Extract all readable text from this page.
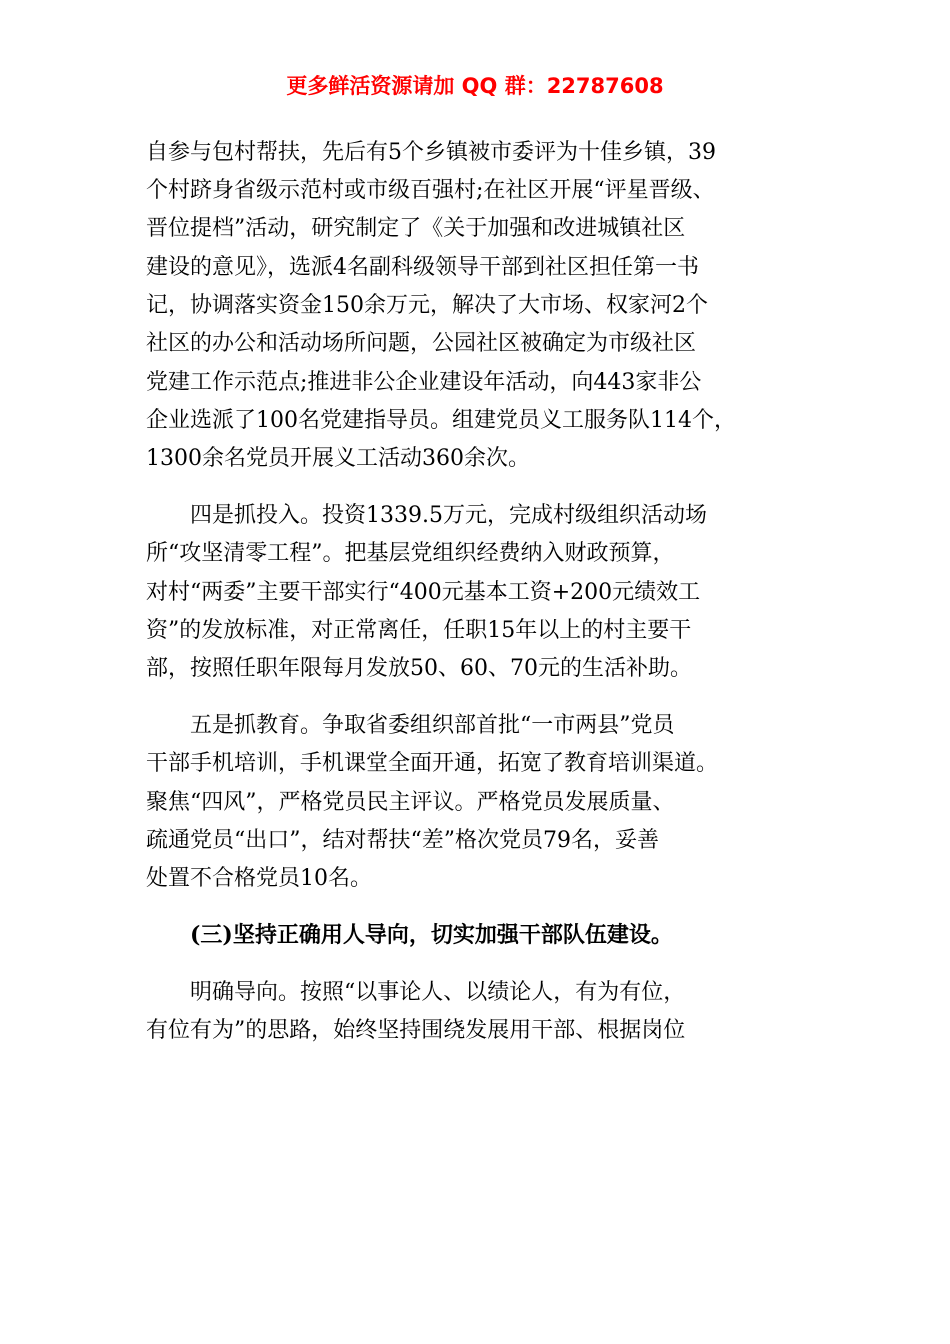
更多鲜活资源请加 QQ 群：22787608
自参与包村帮扶，先后有5个乡镇被市委评为十佳乡镇，39
个村跻身省级示范村或市级百强村;在社区开展“评星晋级、
晋位提档”活动，研究制定了《关于加强和改进城镇社区
建设的意见》，选派4名副科级领导干部到社区担任第一书
记，协调落实资金150余万元，解决了大市场、权家河2个
社区的办公和活动场所问题，公园社区被确定为市级社区
党建工作示范点;推进非公企业建设年活动，向443家非公
企业选派了100名党建指导员。组建党员义工服务队114个，
1300余名党员开展义工活动360余次。
四是抓投入。投资1339.5万元，完成村级组织活动场
所“攻坚清零工程”。把基层党组织经费纳入财政预算，
对村“两委”主要干部实行“400元基本工资+200元绩效工
资”的发放标准，对正常离任，任职15年以上的村主要干
部，按照任职年限每月发放50、60、70元的生活补助。
五是抓教育。争取省委组织部首批“一市两县”党员
干部手机培训，手机课堂全面开通，拓宽了教育培训渠道。
聚焦“四风”，严格党员民主评议。严格党员发展质量、
疏通党员“出口”，结对帮扶“差”格次党员79名，妥善
处置不合格党员10名。
(三)坚持正确用人导向，切实加强干部队伍建设。
明确导向。按照“以事论人、以绩论人，有为有位，
有位有为”的思路，始终坚持围绕发展用干部、根据岗位
